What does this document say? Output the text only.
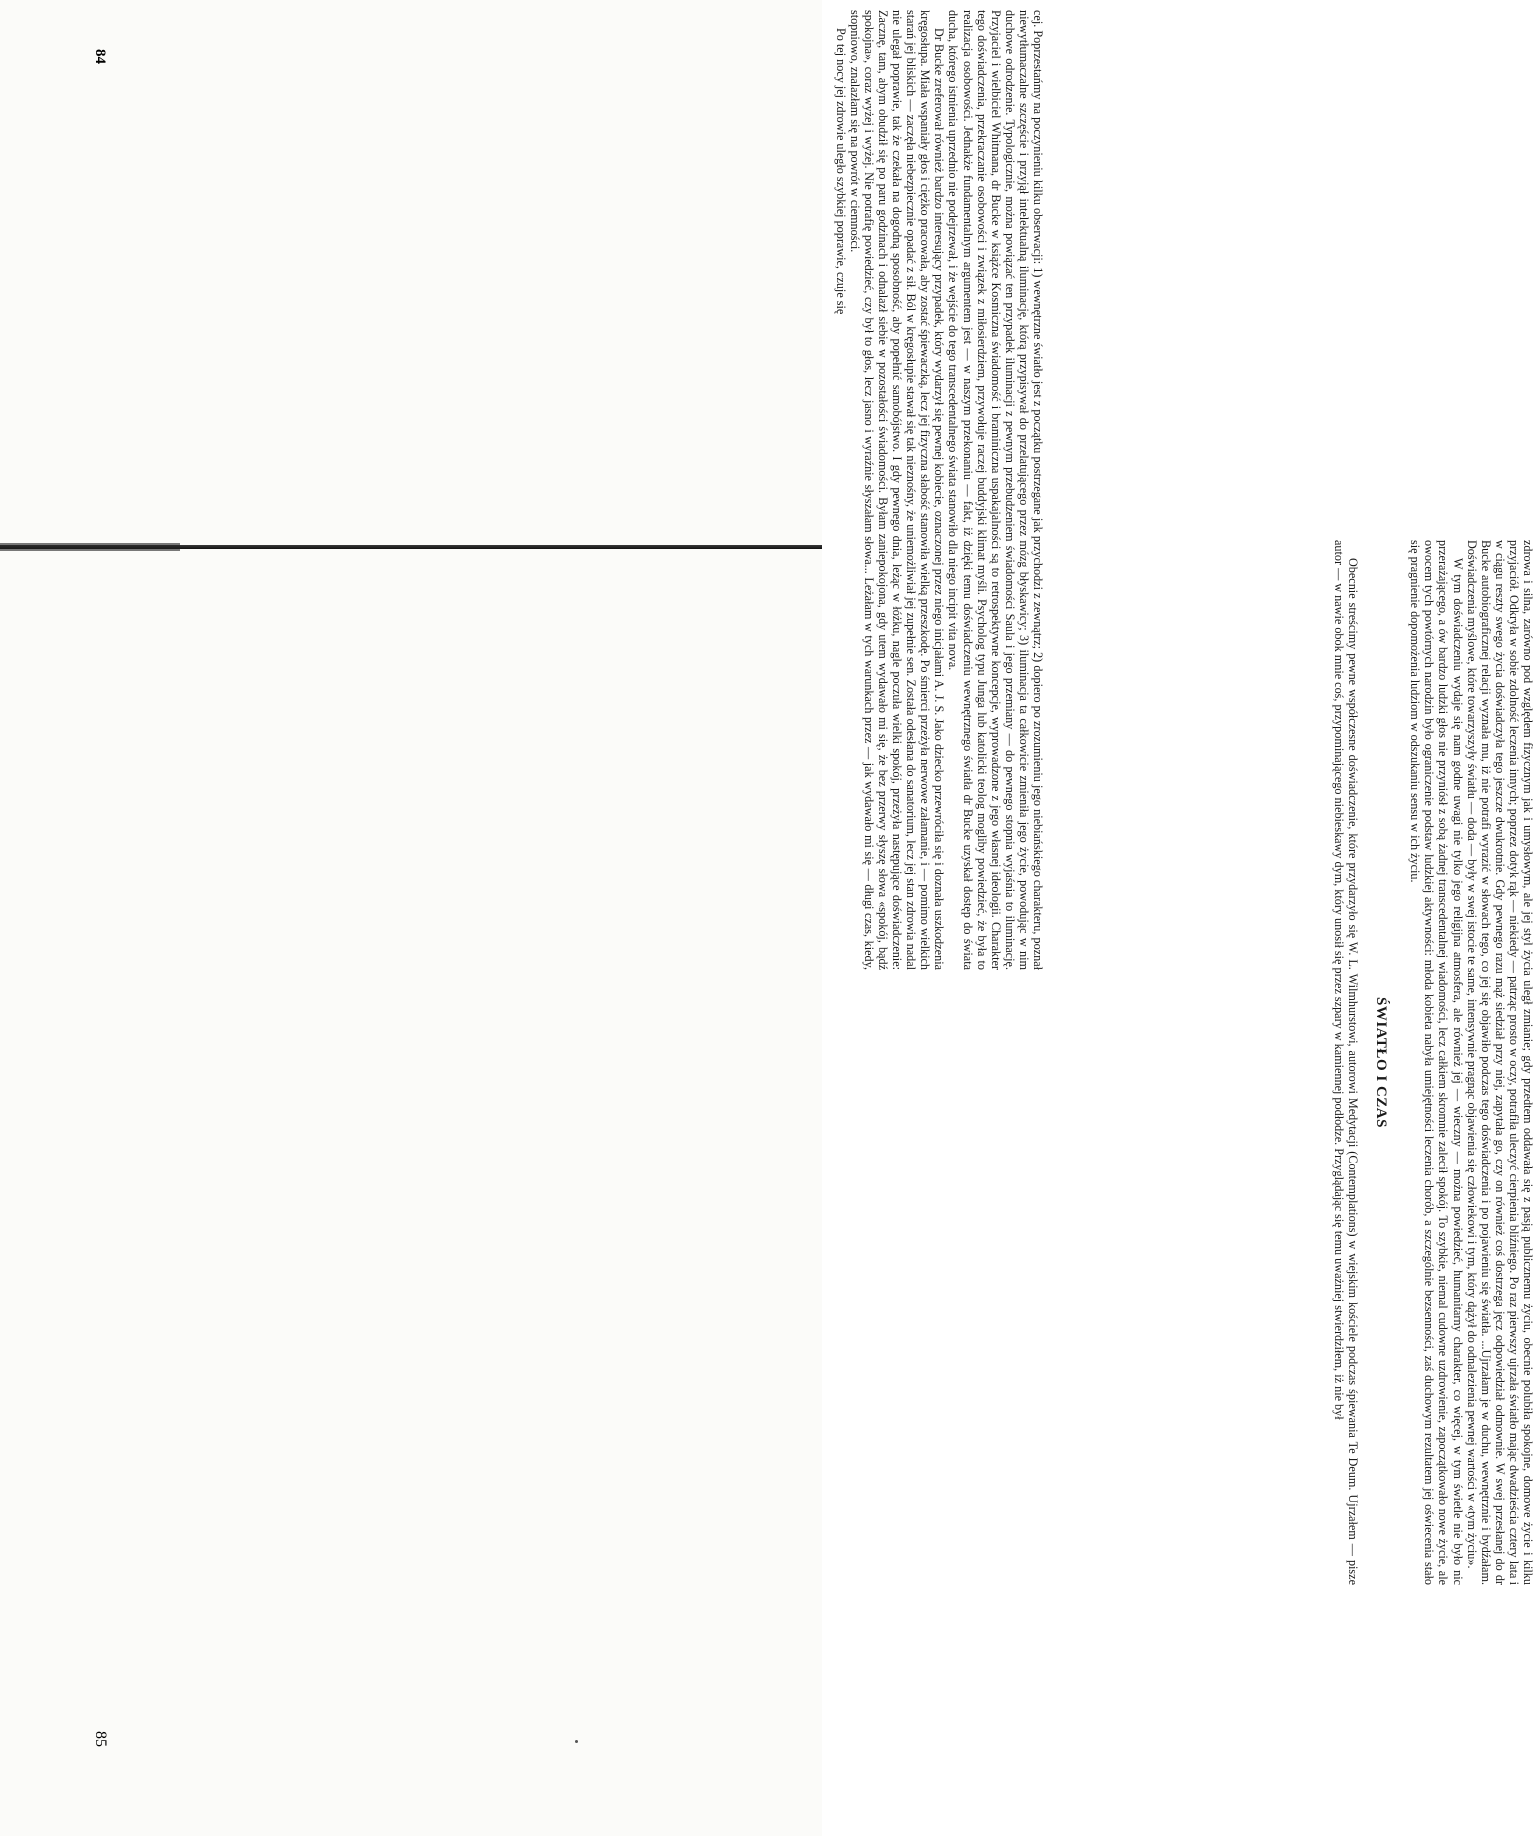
cej. Poprzestańmy na poczynieniu kilku obserwacji: 1) wewnętrzne światło jest z początku postrzegane jak przychodzi z zewnątrz; 2) dopiero po zrozumieniu jego niebiańskiego charakteru, poznał niewytłumaczalne szczęście i przyjął intelektualną iluminację, którą przypisywał do przelatującego przez mózg błyskawicy; 3) iluminacja ta całkowicie zmieniła jego życie, powodując w nim duchowe odrodzenie. Typologicznie, można powiązać ten przypadek iluminacji z pewnym przebudzeniem świadomości Saula i jego przemiany — do pewnego stopnia wyjaśnia to iluminację. Przyjaciel i wielbiciel Whitmana, dr Bucke w książce Kosmiczna świadomość i braminiczna uspakajalności są to retrospektywne koncepcje, wyprowadzone z jego własnej ideologii. Charakter tego doświadczenia, przekraczanie osobowości i związek z miłosierdziem, przywołuje raczej buddyjski klimat myśli. Psycholog typu Junga lub katolicki teolog mogliby powiedzieć, że była to realizacja osobowości. Jednakże fundamentalnym argumentem jest — w naszym przekonaniu — fakt, iż dzięki temu doświadczeniu wewnętrznego światła dr Bucke uzyskał dostęp do świata ducha, którego istnienia uprzednio nie podejrzewał, i że wejście do tego transcedentalnego świata stanowiło dla niego incipit vita nova.

Dr Bucke zreferował również bardzo interesujący przypadek, który wydarzył się pewnej kobiecie, oznaczonej przez niego inicjałami A. J. S. Jako dziecko przewróciła się i doznała uszkodzenia kręgosłupa. Miała wspaniały głos i ciężko pracowała, aby zostać śpiewaczką, lecz jej fizyczna słabość stanowiła wielką przeszkodę. Po śmierci przeżyła nerwowe załamanie, i — pomimo wielkich starań jej bliskich — zaczęła niebezpiecznie opadać z sił. Ból w kręgosłupie stawał się tak nieznośny, że uniemożliwiał jej zupełnie sen. Została odesłana do sanatorium, lecz jej stan zdrowia nadal nie ulegał poprawie, tak że czekała na dogodną sposobność, aby popełnić samobójstwo. I gdy pewnego dnia, leżąc w łóżku, nagle poczuła wielki spokój, przeżyła następujące doświadczenie: Zacznę, tam, abym obudził się po paru godzinach i odnalazł siebie w pozostałości świadomości. Byłam zaniepokojona, gdy utem wydawało mi się, że bez przerwy słyszę słowa «spokój, bądź spokojna», coraz wyżej i wyżej. Nie potrafię powiedzieć, czy był to głos, lecz jasno i wyraźnie słyszałam słowa... Leżałam w tych warunkach przez — jak wydawało mi się — długi czas, kiedy, stopniowo, znalazłam się na powrót w ciemności.

Po tej nocy jej zdrowie uległo szybkiej poprawie, czuje się

zdrowa i silna, zarówno pod względem fizycznym jak i umysłowym, ale jej styl życia uległ zmianie; gdy przedtem oddawała się z pasją publicznemu życiu, obecnie polubiła spokojne, domowe życie i kilku przyjaciół. Odkryła w sobie zdolność leczenia innych; poprzez dotyk rąk — niekiedy — patrząc prosto w oczy, potrafiła uleczyć cierpienia bliźniego. Po raz pierwszy ujrzała światło mając dwadzieścia cztery lata i w ciągu reszty swego życia doświadczyła tego jeszcze dwukrotnie. Gdy pewnego razu mąż siedział przy niej, zapytała go, czy on również coś dostrzega jęcz odpowiedział odmownie. W swej przesłanej do dr Bucke autobiograficznej relacji wyznała mu, iż nie potrafi wyrazić w słowach tego, co jej się objawiło podczas tego doświadczenia i po pojawieniu się światła. ...Ujrzałam je w duchu, wewnętrznie i bydźałam. Doświadczenia myślowe, które towarzyszyły światłu — doda — były w swej istocie te same, intensywnie pragnąc objawienia się człowiekowi i tym, który dążył do odnalezienia pewnej wartości w «tym życiu».

W tym doświadczeniu wydaje się nam godne uwagi nie tylko jego religijna atmosfera, ale również jej — wieczny — można powiedzieć, humanitarny charakter, co więcej, w tym świetle nie było nic przerażającego, a ów bardzo ludzki głos nie przyniósł z sobą żadnej transcedentalnej wiadomości, lecz całkiem skromnie zalecił spokój. To szybkie, niemal cudowne uzdrowienie, zapoczątkowało nowe życie, ale owocem tych powtórnych narodzin było ograniczenie podstaw ludzkiej aktywności: młoda kobieta nabyła umiejętności leczenia chorób, a szczególnie bezsenności, zaś duchowym rezultatem jej oświecenia stało się pragnienie dopomożenia ludziom w odszukaniu sensu w ich życiu.

ŚWIATŁO I CZAS

Obecnie streścimy pewne współczesne doświadczenie, które przydarzyło się W. L. Wilmhurstowi, autorowi Medytacji (Contemplations) w wiejskim kościele podczas śpiewania Te Deum. Ujrzałem — pisze autor — w nawie obok mnie coś, przypominającego niebieskawy dym, który unosił się przez szpary w kamiennej podłodze. Przyglądając się temu uważniej stwierdziłem, iż nie był

84
85
